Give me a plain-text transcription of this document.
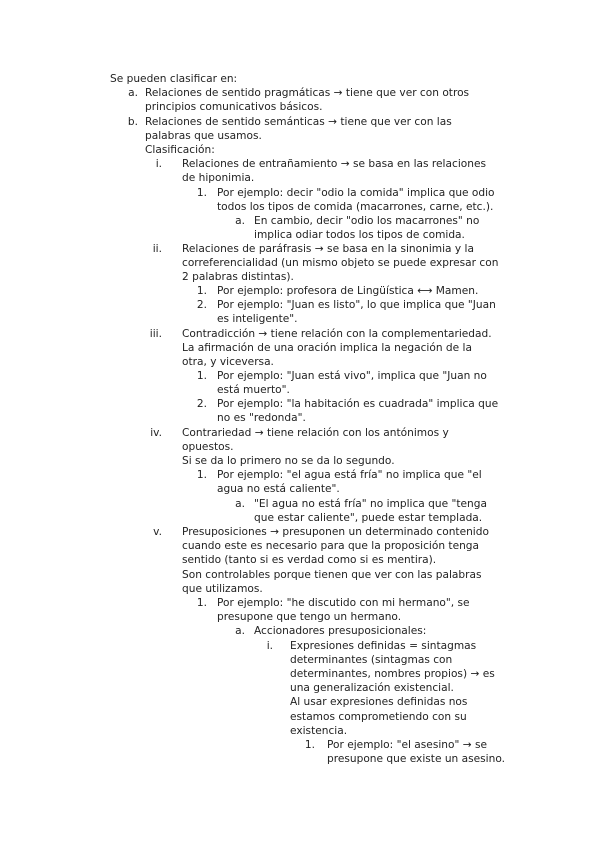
Se pueden clasificar en:
a. Relaciones de sentido pragmáticas → tiene que ver con otros
principios comunicativos básicos.
b. Relaciones de sentido semánticas → tiene que ver con las
palabras que usamos.
Clasificación:
i. Relaciones de entrañamiento → se basa en las relaciones
de hiponimia.
1. Por ejemplo: decir "odio la comida" implica que odio
todos los tipos de comida (macarrones, carne, etc.).
a. En cambio, decir "odio los macarrones" no
implica odiar todos los tipos de comida.
ii. Relaciones de paráfrasis → se basa en la sinonimia y la
correferencialidad (un mismo objeto se puede expresar con
2 palabras distintas).
1. Por ejemplo: profesora de Lingüística ⟷ Mamen.
2. Por ejemplo: "Juan es listo", lo que implica que "Juan
es inteligente".
iii. Contradicción → tiene relación con la complementariedad.
La afirmación de una oración implica la negación de la
otra, y viceversa.
1. Por ejemplo: "Juan está vivo", implica que "Juan no
está muerto".
2. Por ejemplo: "la habitación es cuadrada" implica que
no es "redonda".
iv. Contrariedad → tiene relación con los antónimos y
opuestos.
Si se da lo primero no se da lo segundo.
1. Por ejemplo: "el agua está fría" no implica que "el
agua no está caliente".
a. "El agua no está fría" no implica que "tenga
que estar caliente", puede estar templada.
v. Presuposiciones → presuponen un determinado contenido
cuando este es necesario para que la proposición tenga
sentido (tanto si es verdad como si es mentira).
Son controlables porque tienen que ver con las palabras
que utilizamos.
1. Por ejemplo: "he discutido con mi hermano", se
presupone que tengo un hermano.
a. Accionadores presuposicionales:
i. Expresiones definidas = sintagmas
determinantes (sintagmas con
determinantes, nombres propios) → es
una generalización existencial.
Al usar expresiones definidas nos
estamos comprometiendo con su
existencia.
1. Por ejemplo: "el asesino" → se
presupone que existe un asesino.
